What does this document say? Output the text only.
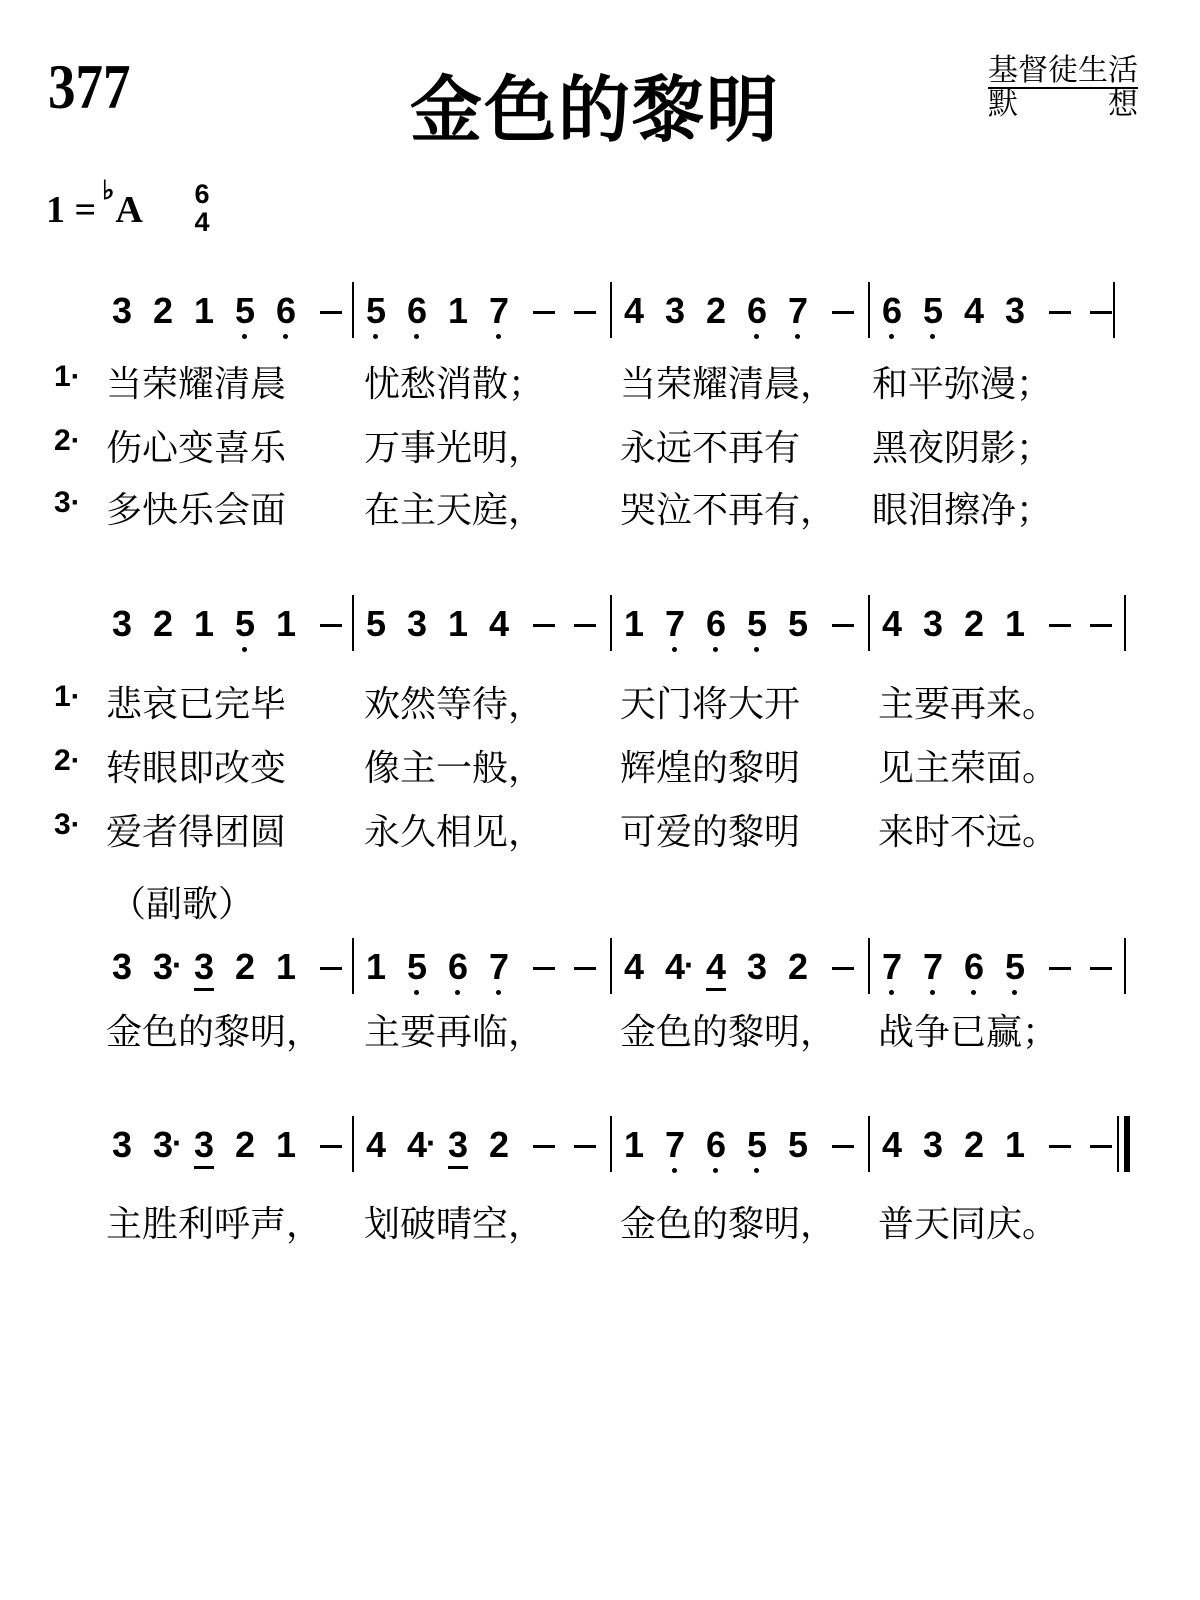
377	金色的黎明	基督徒生活
默	想
1 = ♭ A 6
4
3 2 1 5 6	5 6 1 7	4 3 2 6 7	6 5 4 3
3 2 1 5 1	5 3 1 4	1 7 6 5 5	4 3 2 1
3 3 · 3 2 1	1 5 6 7	4 4 · 4 3 2	7 7 6 5
3 3 · 3 2 1	4 4 · 3 2	1 7 6 5 5	4 3 2 1
1· 当荣耀清晨 忧愁消散； 当荣耀清晨， 和平弥漫；
2· 伤心变喜乐 万事光明， 永远不再有 黑夜阴影；
3· 多快乐会面 在主天庭， 哭泣不再有， 眼泪擦净；
1· 悲哀已完毕 欢然等待， 天门将大开 主要再来。
2· 转眼即改变 像主一般， 辉煌的黎明 见主荣面。
3· 爱者得团圆 永久相见， 可爱的黎明 来时不远。
（副歌）
金色的黎明， 主要再临， 金色的黎明， 战争已赢；
主胜利呼声， 划破晴空， 金色的黎明， 普天同庆。
